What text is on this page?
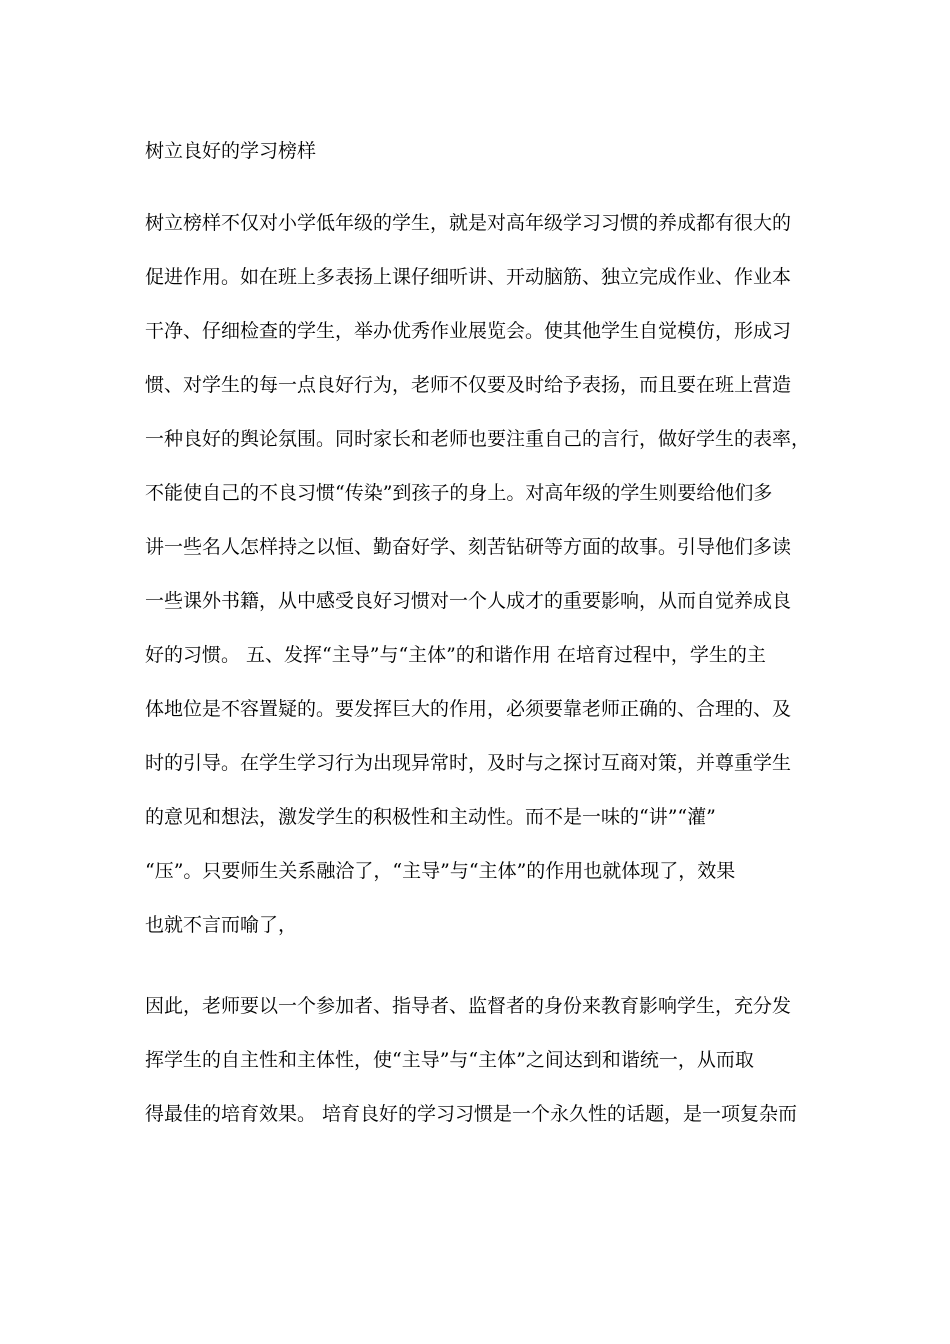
树立良好的学习榜样
树立榜样不仅对小学低年级的学生，就是对高年级学习习惯的养成都有很大的
促进作用。如在班上多表扬上课仔细听讲、开动脑筋、独立完成作业、作业本
干净、仔细检查的学生，举办优秀作业展览会。使其他学生自觉模仿，形成习
惯、对学生的每一点良好行为，老师不仅要及时给予表扬，而且要在班上营造
一种良好的舆论氛围。同时家长和老师也要注重自己的言行，做好学生的表率，
不能使自己的不良习惯“传染”到孩子的身上。对高年级的学生则要给他们多
讲一些名人怎样持之以恒、勤奋好学、刻苦钻研等方面的故事。引导他们多读
一些课外书籍，从中感受良好习惯对一个人成才的重要影响，从而自觉养成良
好的习惯。 五、发挥“主导”与“主体”的和谐作用 在培育过程中，学生的主
体地位是不容置疑的。要发挥巨大的作用，必须要靠老师正确的、合理的、及
时的引导。在学生学习行为出现异常时，及时与之探讨互商对策，并尊重学生
的意见和想法，激发学生的积极性和主动性。而不是一味的“讲”“灌”
“压”。只要师生关系融洽了，“主导”与“主体”的作用也就体现了，效果
也就不言而喻了，
因此，老师要以一个参加者、指导者、监督者的身份来教育影响学生，充分发
挥学生的自主性和主体性，使“主导”与“主体”之间达到和谐统一，从而取
得最佳的培育效果。 培育良好的学习习惯是一个永久性的话题，是一项复杂而
